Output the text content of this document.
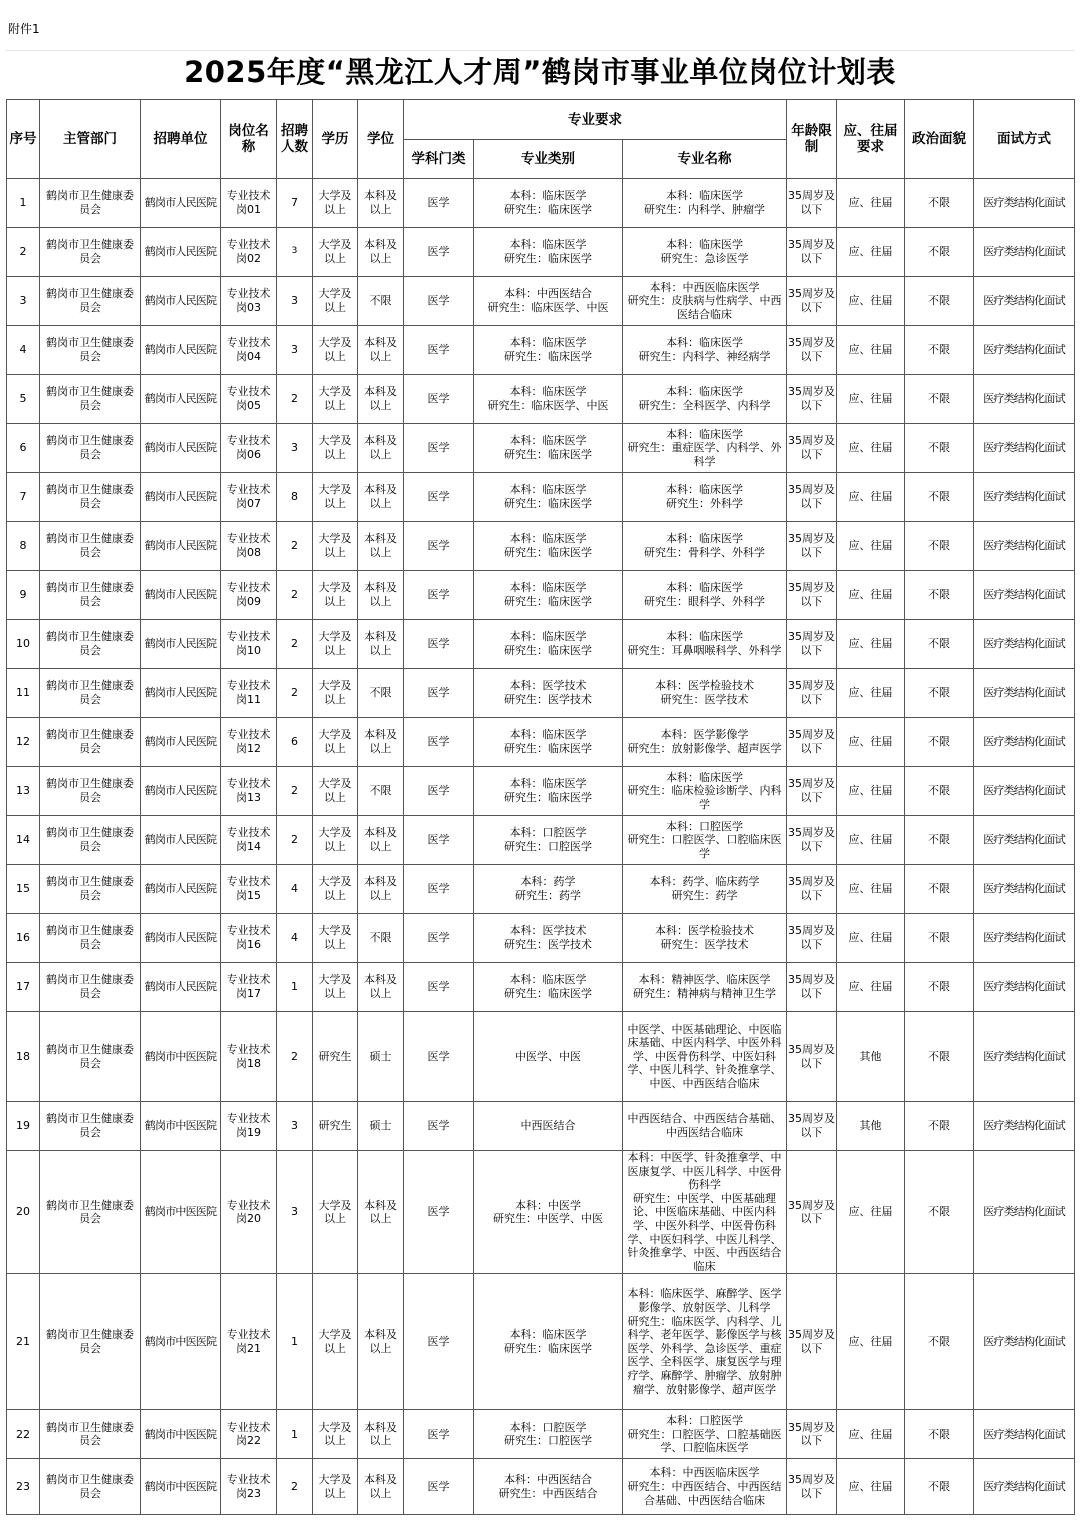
附件1
2025年度“黑龙江人才周”鹤岗市事业单位岗位计划表
序号	主管部门	招聘单位	岗位名称	招聘人数	学历	学位	专业要求			年龄限制	应、往届要求	政治面貌	面试方式
							学科门类	专业类别	专业名称				
1	鹤岗市卫生健康委员会	鹤岗市人民医院	专业技术岗01	7	大学及以上	本科及以上	医学	本科：临床医学
研究生：临床医学	本科：临床医学
研究生：内科学、肿瘤学	35周岁及以下	应、往届	不限	医疗类结构化面试
2	鹤岗市卫生健康委员会	鹤岗市人民医院	专业技术岗02	3	大学及以上	本科及以上	医学	本科：临床医学
研究生：临床医学	本科：临床医学
研究生：急诊医学	35周岁及以下	应、往届	不限	医疗类结构化面试
3	鹤岗市卫生健康委员会	鹤岗市人民医院	专业技术岗03	3	大学及以上	不限	医学	本科：中西医结合
研究生：临床医学、中医	本科：中西医临床医学
研究生：皮肤病与性病学、中西医结合临床	35周岁及以下	应、往届	不限	医疗类结构化面试
4	鹤岗市卫生健康委员会	鹤岗市人民医院	专业技术岗04	3	大学及以上	本科及以上	医学	本科：临床医学
研究生：临床医学	本科：临床医学
研究生：内科学、神经病学	35周岁及以下	应、往届	不限	医疗类结构化面试
5	鹤岗市卫生健康委员会	鹤岗市人民医院	专业技术岗05	2	大学及以上	本科及以上	医学	本科：临床医学
研究生：临床医学、中医	本科：临床医学
研究生：全科医学、内科学	35周岁及以下	应、往届	不限	医疗类结构化面试
6	鹤岗市卫生健康委员会	鹤岗市人民医院	专业技术岗06	3	大学及以上	本科及以上	医学	本科：临床医学
研究生：临床医学	本科：临床医学
研究生：重症医学、内科学、外科学	35周岁及以下	应、往届	不限	医疗类结构化面试
7	鹤岗市卫生健康委员会	鹤岗市人民医院	专业技术岗07	8	大学及以上	本科及以上	医学	本科：临床医学
研究生：临床医学	本科：临床医学
研究生：外科学	35周岁及以下	应、往届	不限	医疗类结构化面试
8	鹤岗市卫生健康委员会	鹤岗市人民医院	专业技术岗08	2	大学及以上	本科及以上	医学	本科：临床医学
研究生：临床医学	本科：临床医学
研究生：骨科学、外科学	35周岁及以下	应、往届	不限	医疗类结构化面试
9	鹤岗市卫生健康委员会	鹤岗市人民医院	专业技术岗09	2	大学及以上	本科及以上	医学	本科：临床医学
研究生：临床医学	本科：临床医学
研究生：眼科学、外科学	35周岁及以下	应、往届	不限	医疗类结构化面试
10	鹤岗市卫生健康委员会	鹤岗市人民医院	专业技术岗10	2	大学及以上	本科及以上	医学	本科：临床医学
研究生：临床医学	本科：临床医学
研究生：耳鼻咽喉科学、外科学	35周岁及以下	应、往届	不限	医疗类结构化面试
11	鹤岗市卫生健康委员会	鹤岗市人民医院	专业技术岗11	2	大学及以上	不限	医学	本科：医学技术
研究生：医学技术	本科：医学检验技术
研究生：医学技术	35周岁及以下	应、往届	不限	医疗类结构化面试
12	鹤岗市卫生健康委员会	鹤岗市人民医院	专业技术岗12	6	大学及以上	本科及以上	医学	本科：临床医学
研究生：临床医学	本科：医学影像学
研究生：放射影像学、超声医学	35周岁及以下	应、往届	不限	医疗类结构化面试
13	鹤岗市卫生健康委员会	鹤岗市人民医院	专业技术岗13	2	大学及以上	不限	医学	本科：临床医学
研究生：临床医学	本科：临床医学
研究生：临床检验诊断学、内科学	35周岁及以下	应、往届	不限	医疗类结构化面试
14	鹤岗市卫生健康委员会	鹤岗市人民医院	专业技术岗14	2	大学及以上	本科及以上	医学	本科：口腔医学
研究生：口腔医学	本科：口腔医学
研究生：口腔医学、口腔临床医学	35周岁及以下	应、往届	不限	医疗类结构化面试
15	鹤岗市卫生健康委员会	鹤岗市人民医院	专业技术岗15	4	大学及以上	本科及以上	医学	本科：药学
研究生：药学	本科：药学、临床药学
研究生：药学	35周岁及以下	应、往届	不限	医疗类结构化面试
16	鹤岗市卫生健康委员会	鹤岗市人民医院	专业技术岗16	4	大学及以上	不限	医学	本科：医学技术
研究生：医学技术	本科：医学检验技术
研究生：医学技术	35周岁及以下	应、往届	不限	医疗类结构化面试
17	鹤岗市卫生健康委员会	鹤岗市人民医院	专业技术岗17	1	大学及以上	本科及以上	医学	本科：临床医学
研究生：临床医学	本科：精神医学、临床医学
研究生：精神病与精神卫生学	35周岁及以下	应、往届	不限	医疗类结构化面试
18	鹤岗市卫生健康委员会	鹤岗市中医医院	专业技术岗18	2	研究生	硕士	医学	中医学、中医	中医学、中医基础理论、中医临床基础、中医内科学、中医外科学、中医骨伤科学、中医妇科学、中医儿科学、针灸推拿学、中医、中西医结合临床	35周岁及以下	其他	不限	医疗类结构化面试
19	鹤岗市卫生健康委员会	鹤岗市中医医院	专业技术岗19	3	研究生	硕士	医学	中西医结合	中西医结合、中西医结合基础、中西医结合临床	35周岁及以下	其他	不限	医疗类结构化面试
20	鹤岗市卫生健康委员会	鹤岗市中医医院	专业技术岗20	3	大学及以上	本科及以上	医学	本科：中医学
研究生：中医学、中医	本科：中医学、针灸推拿学、中医康复学、中医儿科学、中医骨伤科学
研究生：中医学、中医基础理论、中医临床基础、中医内科学、中医外科学、中医骨伤科学、中医妇科学、中医儿科学、针灸推拿学、中医、中西医结合临床	35周岁及以下	应、往届	不限	医疗类结构化面试
21	鹤岗市卫生健康委员会	鹤岗市中医医院	专业技术岗21	1	大学及以上	本科及以上	医学	本科：临床医学
研究生：临床医学	本科：临床医学、麻醉学、医学影像学、放射医学、儿科学
研究生：临床医学、内科学、儿科学、老年医学、影像医学与核医学、外科学、急诊医学、重症医学、全科医学、康复医学与理疗学、麻醉学、肿瘤学、放射肿瘤学、放射影像学、超声医学	35周岁及以下	应、往届	不限	医疗类结构化面试
22	鹤岗市卫生健康委员会	鹤岗市中医医院	专业技术岗22	1	大学及以上	本科及以上	医学	本科：口腔医学
研究生：口腔医学	本科：口腔医学
研究生：口腔医学、口腔基础医学、口腔临床医学	35周岁及以下	应、往届	不限	医疗类结构化面试
23	鹤岗市卫生健康委员会	鹤岗市中医医院	专业技术岗23	2	大学及以上	本科及以上	医学	本科：中西医结合
研究生：中西医结合	本科：中西医临床医学
研究生：中西医结合、中西医结合基础、中西医结合临床	35周岁及以下	应、往届	不限	医疗类结构化面试
